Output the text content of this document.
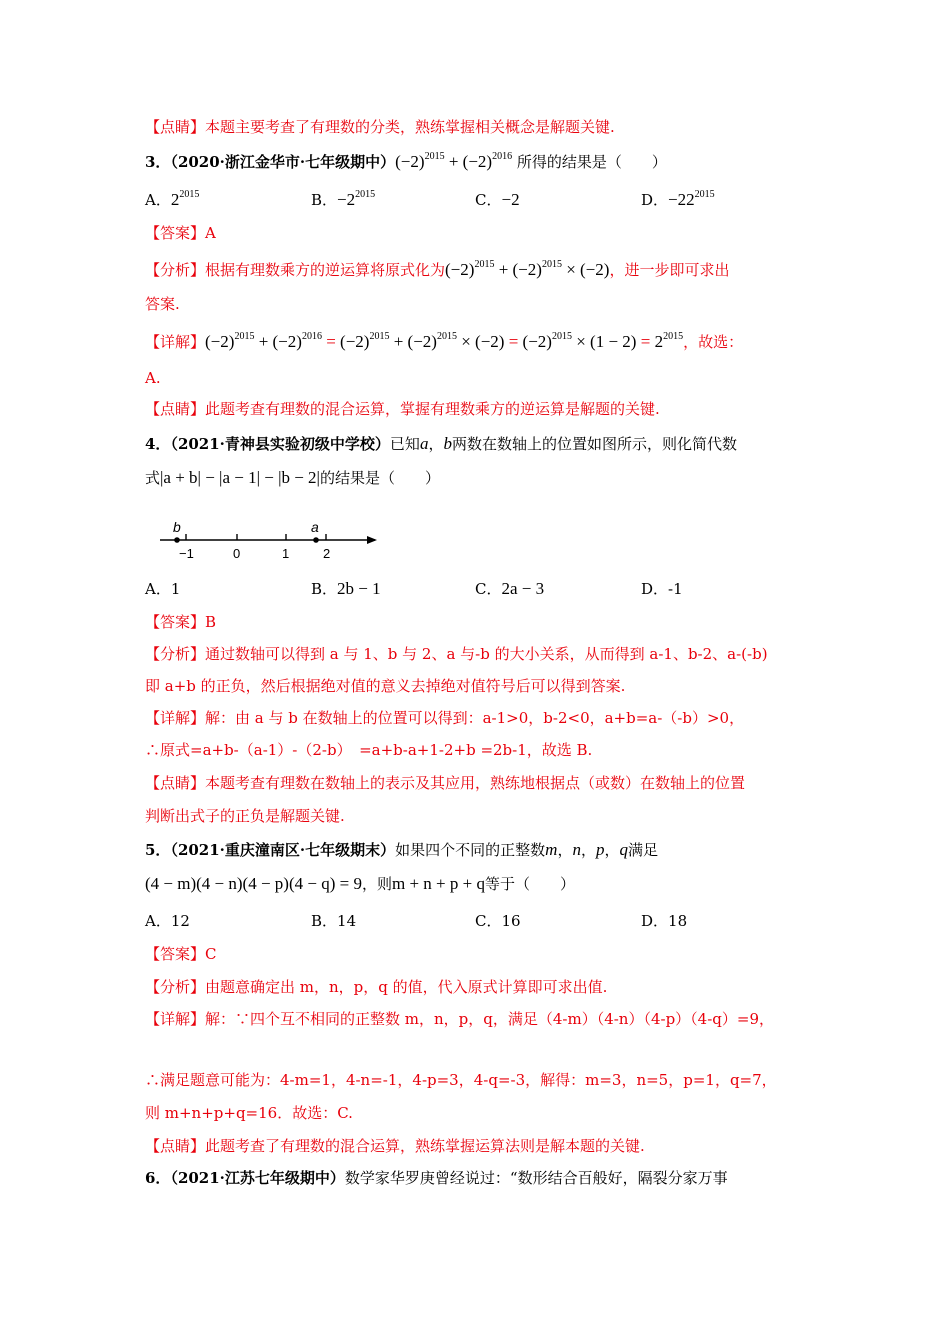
【点睛】本题主要考查了有理数的分类，熟练掌握相关概念是解题关键.
3．（2020·浙江金华市·七年级期中）$(-2)^{2015} + (-2)^{2016}$ 所得的结果是（　　）
A．$2^{2015}$	B．$-2^{2015}$	C．−2	D．$-22^{2015}$
【答案】A
【分析】根据有理数乘方的逆运算将原式化为$(-2)^{2015} + (-2)^{2015} \times (-2)$，进一步即可求出
答案.
【详解】$(-2)^{2015} + (-2)^{2016} = (-2)^{2015} + (-2)^{2015} \times (-2) = (-2)^{2015} \times (1 - 2) = 2^{2015}$，故选：
A.
【点睛】此题考查有理数的混合运算，掌握有理数乘方的逆运算是解题的关键.
4．（2021·青神县实验初级中学校）已知a，b两数在数轴上的位置如图所示，则化简代数
式|a + b| − |a − 1| − |b − 2|的结果是（　　）
b	a
−1	0	1	2
A．1	B．2b − 1	C．2a − 3	D．-1
【答案】B
【分析】通过数轴可以得到 a 与 1、b 与 2、a 与-b 的大小关系，从而得到 a-1、b-2、a-(-b)
即 a+b 的正负，然后根据绝对值的意义去掉绝对值符号后可以得到答案.
【详解】解：由 a 与 b 在数轴上的位置可以得到：a-1>0，b-2<0，a+b=a-（-b）>0，
∴原式=a+b-（a-1）-（2-b）　=a+b-a+1-2+b =2b-1，故选 B.
【点睛】本题考查有理数在数轴上的表示及其应用，熟练地根据点（或数）在数轴上的位置
判断出式子的正负是解题关键.
5．（2021·重庆潼南区·七年级期末）如果四个不同的正整数m，n，p，q满足
(4 − m)(4 − n)(4 − p)(4 − q) = 9，则m + n + p + q等于（　　）
A．12	B．14	C．16	D．18
【答案】C
【分析】由题意确定出 m，n，p，q 的值，代入原式计算即可求出值.
【详解】解：∵四个互不相同的正整数 m，n，p，q，满足（4-m）（4-n）（4-p）（4-q）=9，
∴满足题意可能为：4-m=1，4-n=-1，4-p=3，4-q=-3，解得：m=3，n=5，p=1，q=7，
则 m+n+p+q=16．故选：C.
【点睛】此题考查了有理数的混合运算，熟练掌握运算法则是解本题的关键.
6．（2021·江苏七年级期中）数学家华罗庚曾经说过：“数形结合百般好，隔裂分家万事
